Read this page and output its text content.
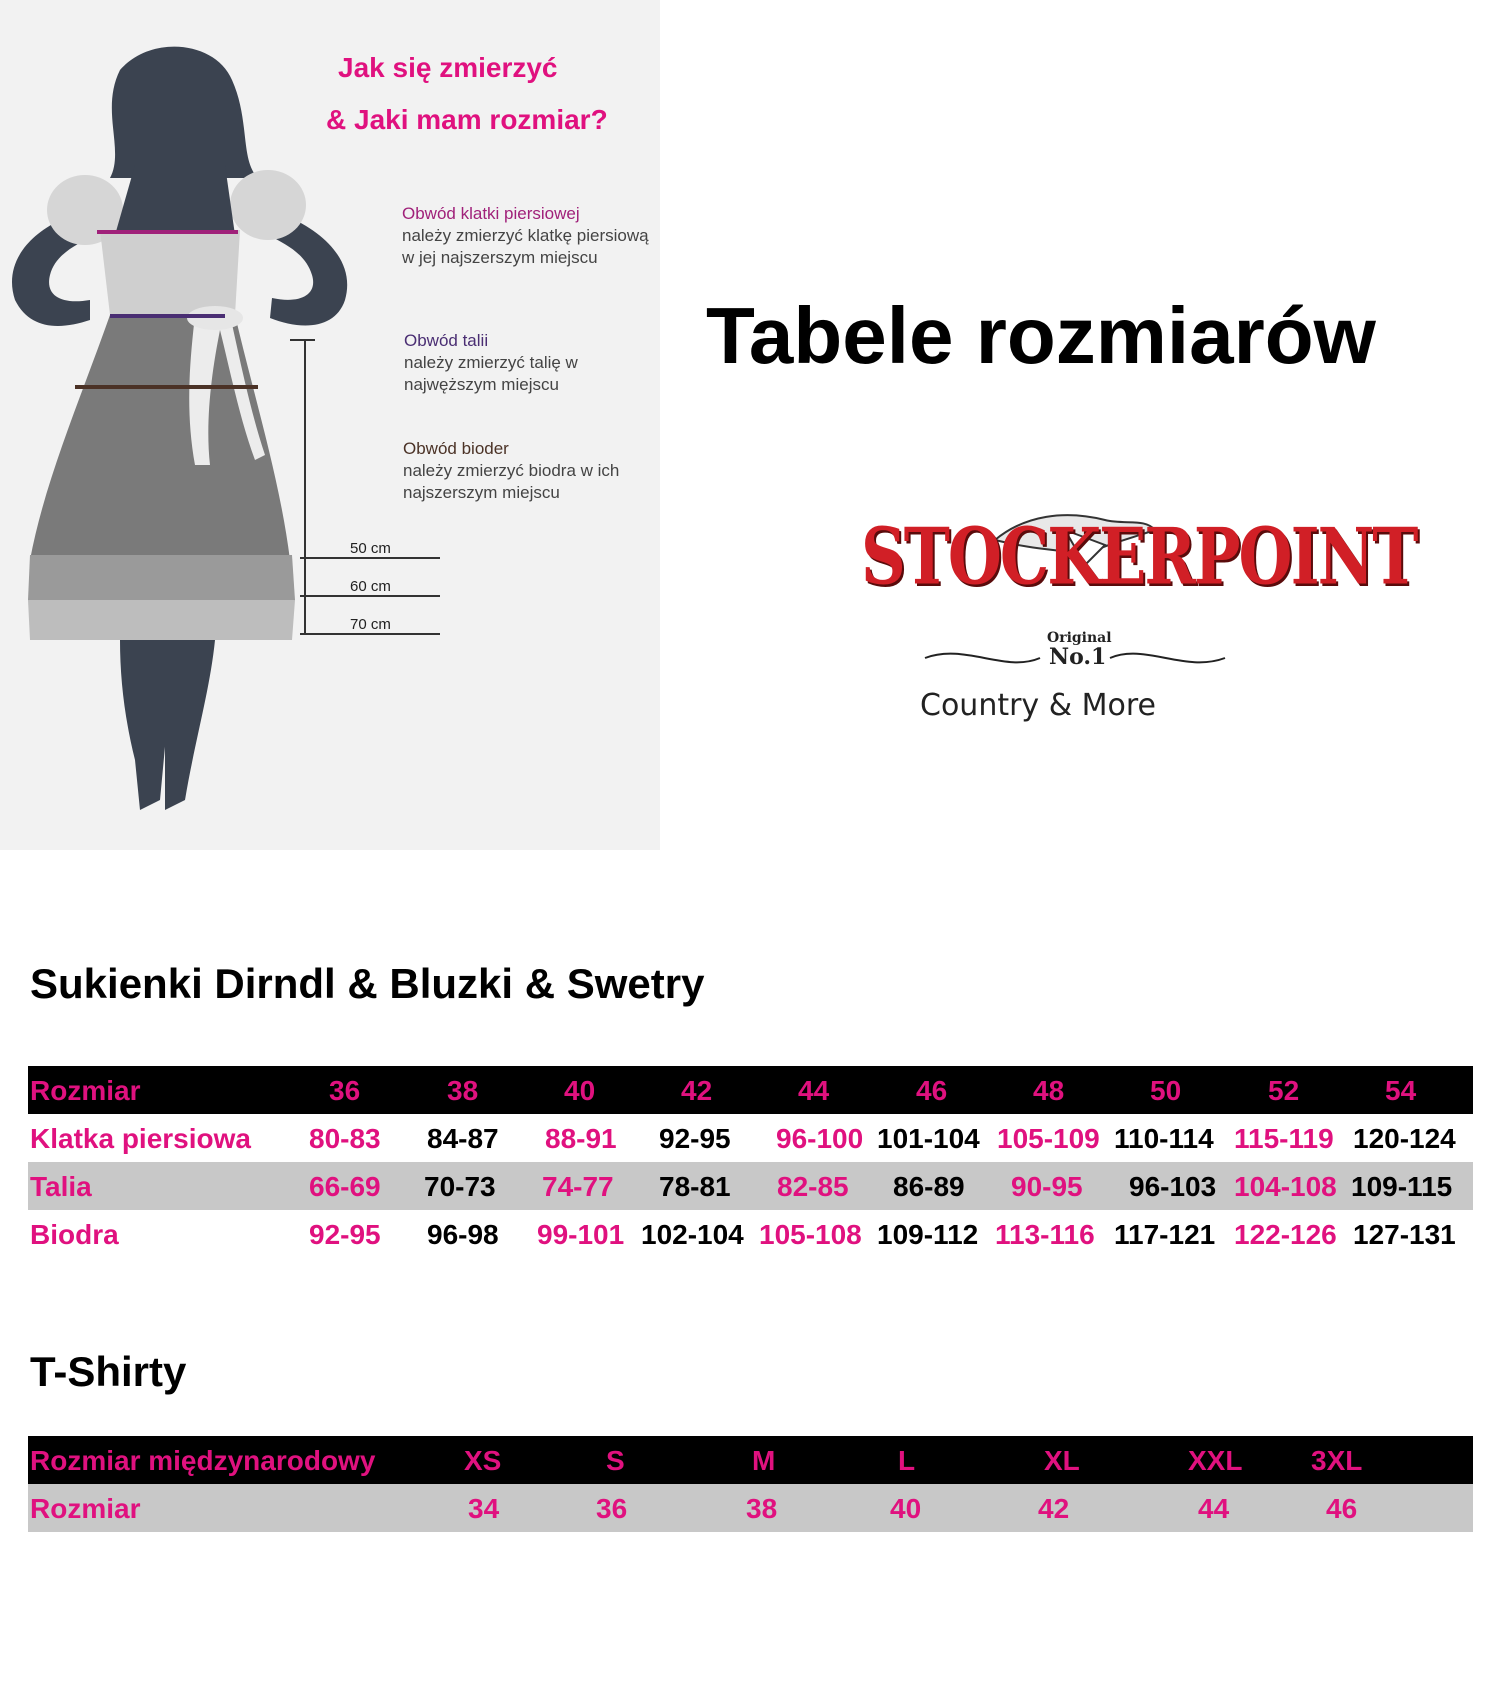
Jak się zmierzyć
& Jaki mam rozmiar?
Obwód klatki piersiowej
należy zmierzyć klatkę piersiową w jej najszerszym miejscu
Obwód talii
należy zmierzyć talię w najwęższym miejscu
Obwód bioder
należy zmierzyć biodra w ich najszerszym miejscu
50 cm
60 cm
70 cm
Tabele rozmiarów
STOCKERPOINT
Original
No.1
Country & More
Sukienki Dirndl & Bluzki & Swetry
Rozmiar	36	38	40	42	44	46	48	50	52	54
Klatka piersiowa 80-83 84-87 88-91 92-95 96-100 101-104 105-109 110-114 115-119 120-124
Talia	66-69 70-73 74-77 78-81 82-85 86-89 90-95 96-103 104-108 109-115
Biodra	92-95 96-98 99-101 102-104 105-108 109-112 113-116 117-121 122-126 127-131
T-Shirty
Rozmiar międzynarodowy	XS	S	M	L	XL	XXL 3XL
Rozmiar	34	36	38	40	42	44	46
